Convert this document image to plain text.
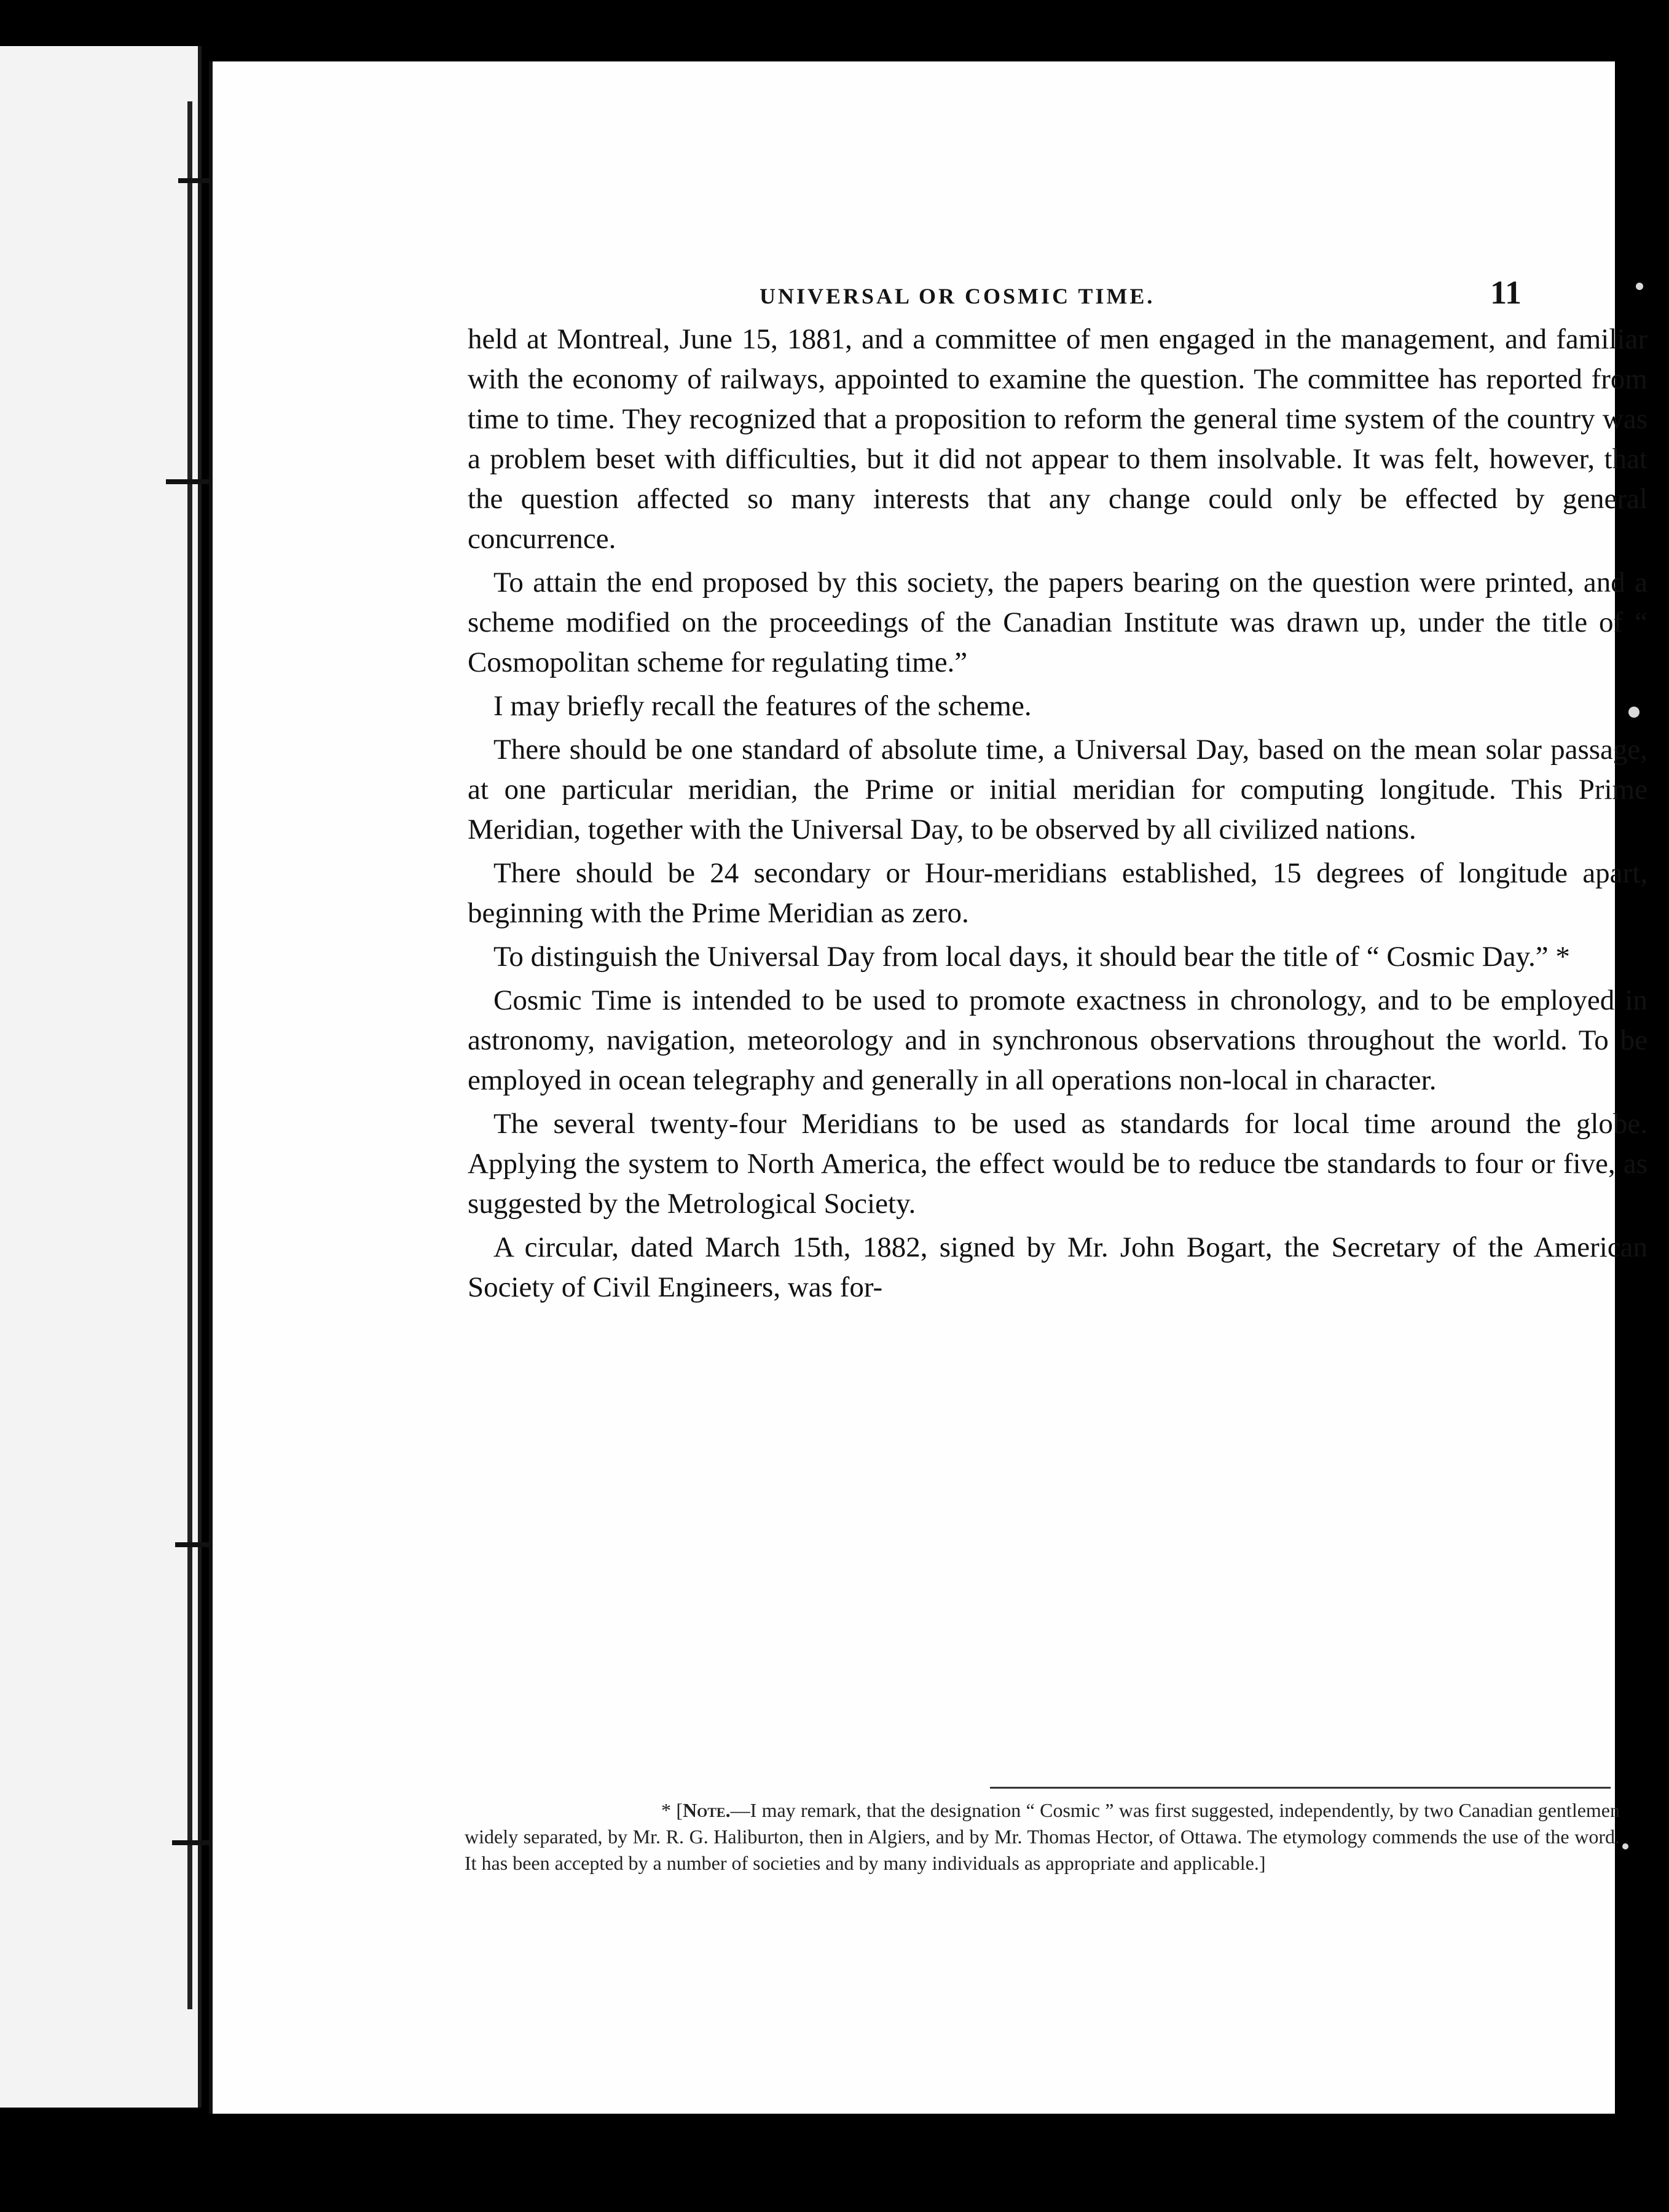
UNIVERSAL OR COSMIC TIME.	11

held at Montreal, June 15, 1881, and a committee of men engaged in the management, and familiar with the economy of railways, appointed to examine the question. The committee has reported from time to time. They recognized that a proposition to reform the general time system of the country was a problem beset with difficulties, but it did not appear to them insolvable. It was felt, however, that the question affected so many interests that any change could only be effected by general concurrence.

To attain the end proposed by this society, the papers bearing on the question were printed, and a scheme modified on the proceedings of the Canadian Institute was drawn up, under the title of “ Cosmopolitan scheme for regulating time.”

I may briefly recall the features of the scheme.

There should be one standard of absolute time, a Universal Day, based on the mean solar passage, at one particular meridian, the Prime or initial meridian for computing longitude. This Prime Meridian, together with the Universal Day, to be observed by all civilized nations.

There should be 24 secondary or Hour-meridians established, 15 degrees of longitude apart, beginning with the Prime Meridian as zero.

To distinguish the Universal Day from local days, it should bear the title of “ Cosmic Day.” *

Cosmic Time is intended to be used to promote exactness in chronology, and to be employed in astronomy, navigation, meteorology and in synchronous observations throughout the world. To be employed in ocean telegraphy and generally in all operations non-local in character.

The several twenty-four Meridians to be used as standards for local time around the globe. Applying the system to North America, the effect would be to reduce tbe standards to four or five, as suggested by the Metrological Society.

A circular, dated March 15th, 1882, signed by Mr. John Bogart, the Secretary of the American Society of Civil Engineers, was for-

* [Note.—I may remark, that the designation “ Cosmic ” was first suggested, independently, by two Canadian gentlemen widely separated, by Mr. R. G. Haliburton, then in Algiers, and by Mr. Thomas Hector, of Ottawa. The etymology commends the use of the word. It has been accepted by a number of societies and by many individuals as appropriate and applicable.]
